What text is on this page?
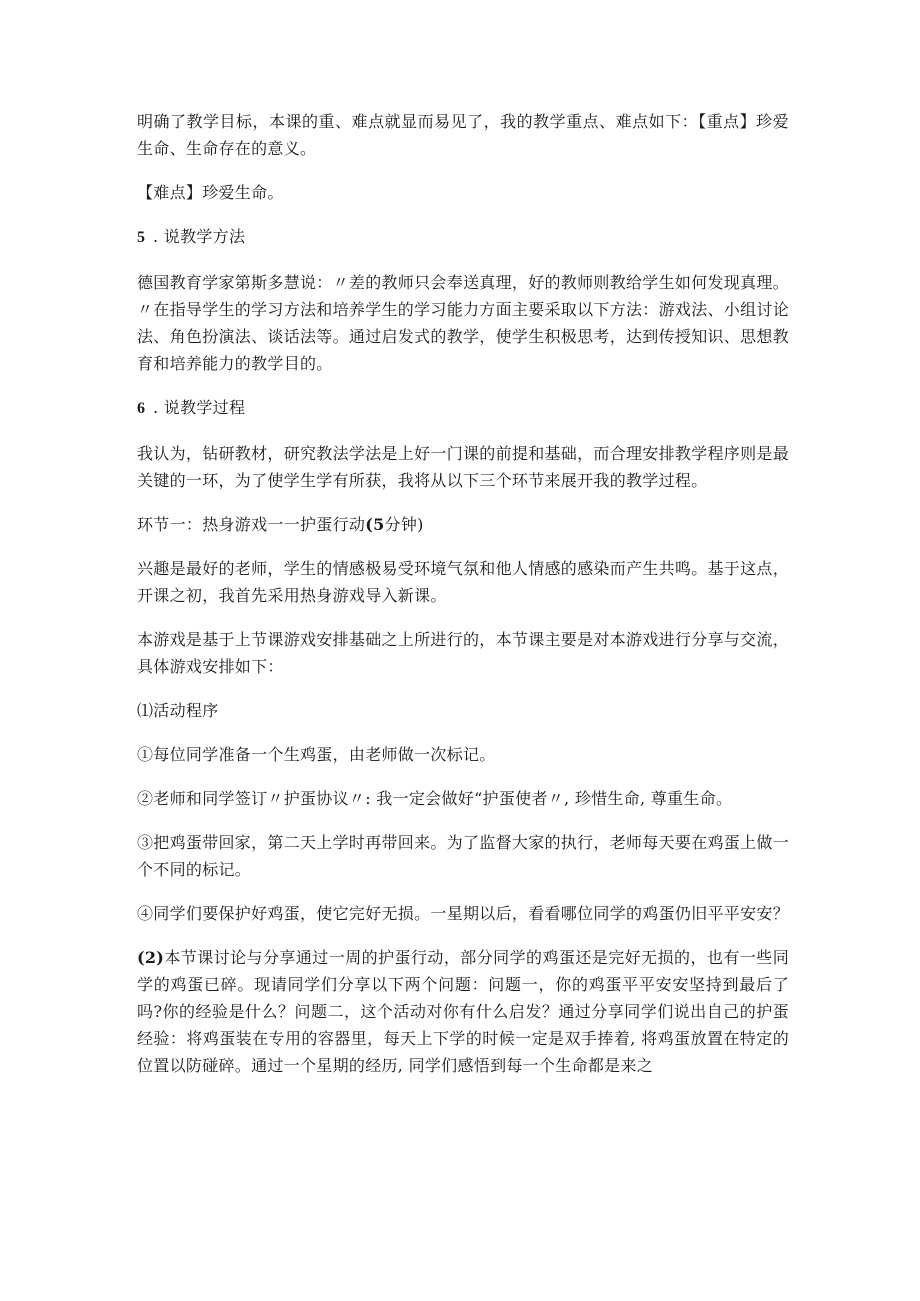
明确了教学目标，本课的重、难点就显而易见了，我的教学重点、难点如下：【重点】珍爱生命、生命存在的意义。

【难点】珍爱生命。

5 . 说教学方法

德国教育学家第斯多慧说：〃差的教师只会奉送真理，好的教师则教给学生如何发现真理。〃在指导学生的学习方法和培养学生的学习能力方面主要采取以下方法：游戏法、小组讨论法、角色扮演法、谈话法等。通过启发式的教学，使学生积极思考，达到传授知识、思想教育和培养能力的教学目的。

6 . 说教学过程

我认为，钻研教材，研究教法学法是上好一门课的前提和基础，而合理安排教学程序则是最关键的一环，为了使学生学有所获，我将从以下三个环节来展开我的教学过程。

环节一：热身游戏一一护蛋行动(5分钟)

兴趣是最好的老师，学生的情感极易受环境气氛和他人情感的感染而产生共鸣。基于这点，开课之初，我首先采用热身游戏导入新课。

本游戏是基于上节课游戏安排基础之上所进行的，本节课主要是对本游戏进行分享与交流，具体游戏安排如下：

⑴活动程序

①每位同学准备一个生鸡蛋，由老师做一次标记。

②老师和同学签订〃护蛋协议〃: 我一定会做好“护蛋使者〃, 珍惜生命, 尊重生命。

③把鸡蛋带回家，第二天上学时再带回来。为了监督大家的执行，老师每天要在鸡蛋上做一个不同的标记。

④同学们要保护好鸡蛋，使它完好无损。一星期以后，看看哪位同学的鸡蛋仍旧平平安安？

(2)本节课讨论与分享通过一周的护蛋行动，部分同学的鸡蛋还是完好无损的，也有一些同学的鸡蛋已碎。现请同学们分享以下两个问题：问题一，你的鸡蛋平平安安坚持到最后了吗?你的经验是什么？问题二，这个活动对你有什么启发？通过分享同学们说出自己的护蛋经验：将鸡蛋装在专用的容器里，每天上下学的时候一定是双手捧着, 将鸡蛋放置在特定的位置以防碰碎。通过一个星期的经历, 同学们感悟到每一个生命都是来之
